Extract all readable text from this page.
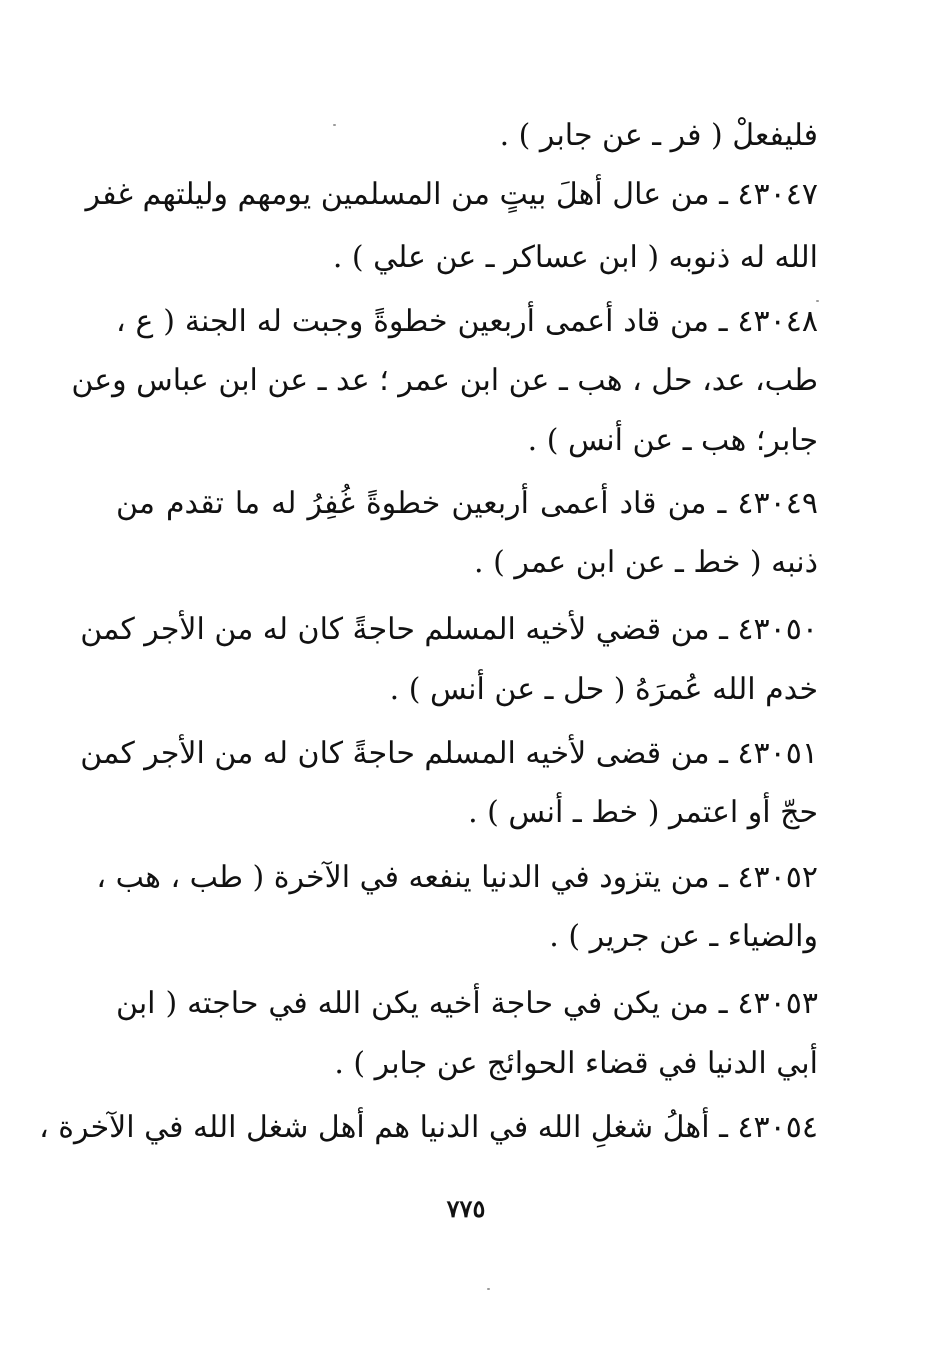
فليفعلْ ( فر ـ عن جابر ) .
٤٣٠٤٧ ـ من عال أهلَ بيتٍ من المسلمين يومهم وليلتهم غفر
الله له ذنوبه ( ابن عساكر ـ عن علي ) .
٤٣٠٤٨ ـ من قاد أعمى أربعين خطوةً وجبت له الجنة ( ع ،
طب، عد، حل ، هب ـ عن ابن عمر ؛ عد ـ عن ابن عباس وعن
جابر؛ هب ـ عن أنس ) .
٤٣٠٤٩ ـ من قاد أعمى أربعين خطوةً غُفِرُ له ما تقدم من
ذنبه ( خط ـ عن ابن عمر ) .
٤٣٠٥٠ ـ من قضي لأخيه المسلم حاجةً كان له من الأجر كمن
خدم الله عُمرَهُ ( حل ـ عن أنس ) .
٤٣٠٥١ ـ من قضى لأخيه المسلم حاجةً كان له من الأجر كمن
حجّ أو اعتمر ( خط ـ أنس ) .
٤٣٠٥٢ ـ من يتزود في الدنيا ينفعه في الآخرة ( طب ، هب ،
والضياء ـ عن جرير ) .
٤٣٠٥٣ ـ من يكن في حاجة أخيه يكن الله في حاجته ( ابن
أبي الدنيا في قضاء الحوائج عن جابر ) .
٤٣٠٥٤ ـ أهلُ شغلِ الله في الدنيا هم أهل شغل الله في الآخرة ،
٧٧٥
